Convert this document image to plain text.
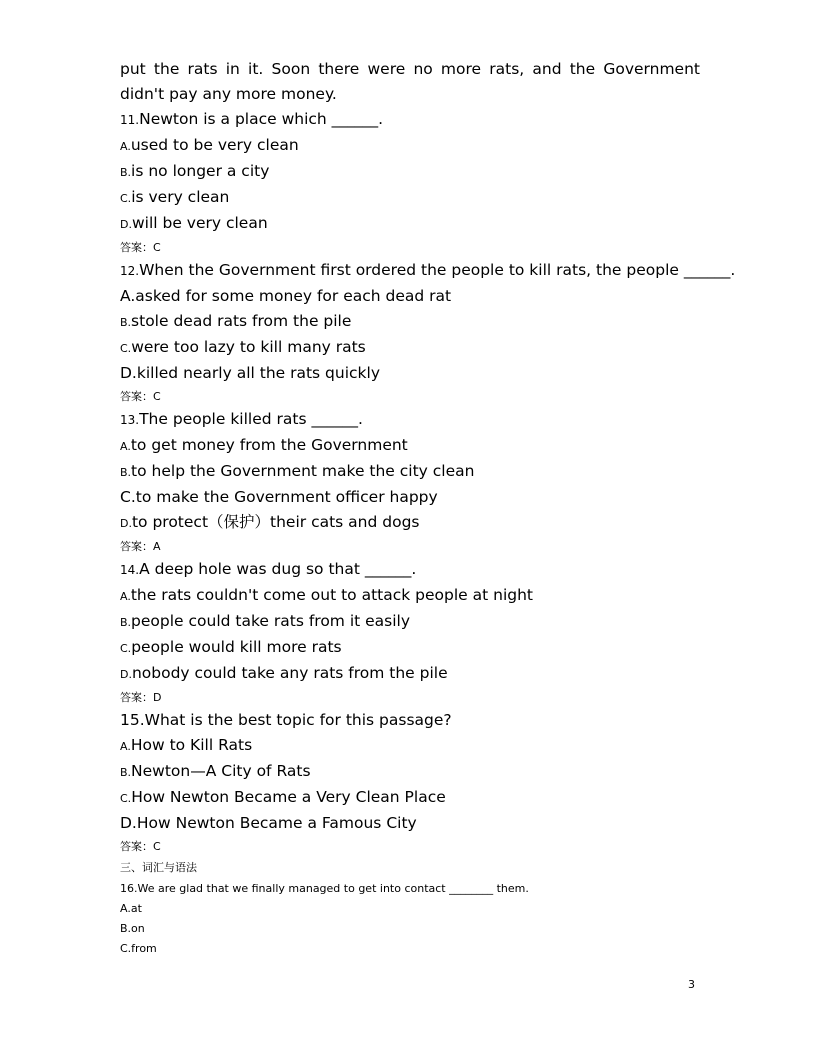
put the rats in it. Soon there were no more rats, and the Government didn't pay any more money.

11.Newton is a place which ______.

A.used to be very clean

B.is no longer a city

C.is very clean

D.will be very clean

答案：C

12.When the Government first ordered the people to kill rats, the people ______.

A.asked for some money for each dead rat

B.stole dead rats from the pile

C.were too lazy to kill many rats

D.killed nearly all the rats quickly

答案：C

13.The people killed rats ______.

A.to get money from the Government

B.to help the Government make the city clean

C.to make the Government officer happy

D.to protect（保护）their cats and dogs

答案：A

14.A deep hole was dug so that ______.

A.the rats couldn't come out to attack people at night

B.people could take rats from it easily

C.people would kill more rats

D.nobody could take any rats from the pile

答案：D

15.What is the best topic for this passage?

A.How to Kill Rats

B.Newton—A City of Rats

C.How Newton Became a Very Clean Place

D.How Newton Became a Famous City

答案：C

三、词汇与语法

16.We are glad that we finally managed to get into contact ________ them.

A.at

B.on

C.from

3
